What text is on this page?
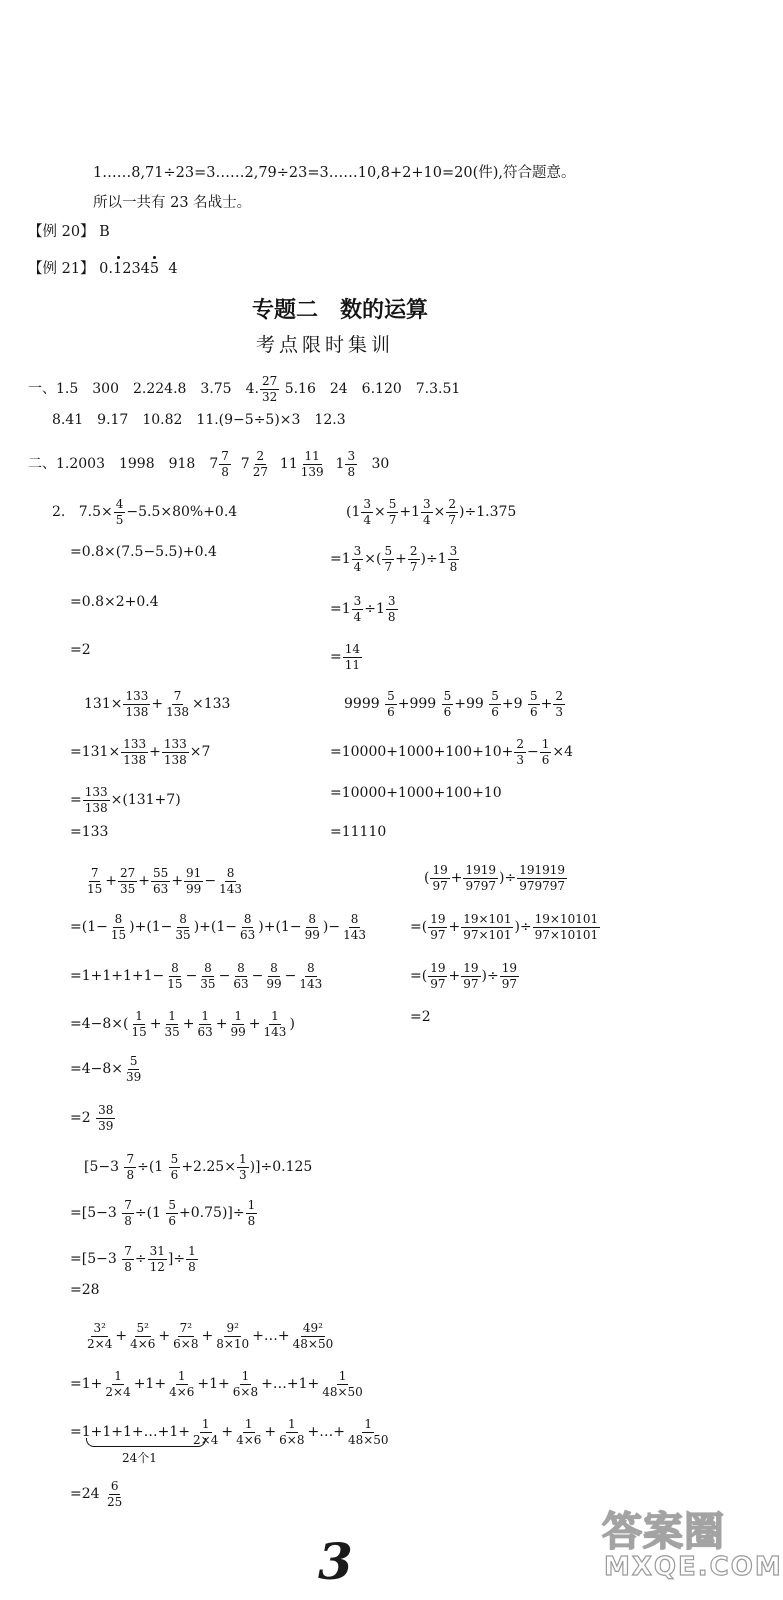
1……8,71÷23=3……2,79÷23=3……10,8+2+10=20(件),符合题意。
所以一共有 23 名战士。
【例 20】 B
【例 21】 0.12345 4
专题二　数的运算
考点限时集训
一、1.5　300　2.224.8　3.75　4. $\frac{27}{32} 5.16$　24　6.120　7.3.51
8.41　9.17　10.82　11.(9−5÷5)×3　12.3
二、1.2003　1998　918　$7 \frac{7}{8} 7 \frac{2}{27} 11 \frac{11}{139} 1 \frac{3}{8} 30$
2. $7.5\times \frac{4}{5} -5.5\times 80\%+0.4$
=0.8×(7.5−5.5)+0.4
=0.8×2+0.4
=2
$(1 \frac{3}{4} \times \frac{5}{7} +1 \frac{3}{4} \times \frac{2}{7} )\div 1.375$
$=1 \frac{3}{4}$ ×( $\frac{5}{7} + \frac{2}{7} )\div 1 \frac{3}{8}$
$=1 \frac{3}{4} \div 1 \frac{3}{8}$
= $\frac{14}{11}$
$131\times \frac{133}{138} + \frac{7}{138} \times 133$
$=131\times \frac{133}{138} + \frac{133}{138} \times 7$
= $\frac{133}{138} \times(131+7)$
=133
$9999 \frac{5}{6} +999 \frac{5}{6} +99 \frac{5}{6} +9 \frac{5}{6} + \frac{2}{3}$
$=10000+1000+100+10+ \frac{2}{3} - \frac{1}{6} \times 4$
=10000+1000+100+10
=11110
$\frac{7}{15} + \frac{27}{35} + \frac{55}{63} + \frac{91}{99} - \frac{8}{143}$
$=(1- \frac{8}{15} )+(1- \frac{8}{35} )+(1- \frac{8}{63} )+(1- \frac{8}{99}$ )− $\frac{8}{143}$
$=1+1+1+1- \frac{8}{15} - \frac{8}{35} - \frac{8}{63} - \frac{8}{99} - \frac{8}{143}$
$=4-8\times( \frac{1}{15} + \frac{1}{35} + \frac{1}{63} + \frac{1}{99} + \frac{1}{143}$ )
$=4-8\times \frac{5}{39}$
$=2 \frac{38}{39}$
( $\frac{19}{97} + \frac{1919}{9797}$ )÷ $\frac{191919}{979797}$
=( $\frac{19}{97} + \frac{19\times 101}{97\times 101}$ )÷ $\frac{19\times 10101}{97\times 10101}$
=( $\frac{19}{97} + \frac{19}{97}$ )÷ $\frac{19}{97}$
=2
$[5-3 \frac{7}{8} \div(1 \frac{5}{6} +2.25\times \frac{1}{3} )]\div 0.125$
$=[5-3 \frac{7}{8} \div(1 \frac{5}{6} +0.75)]\div \frac{1}{8}$
$=[5-3 \frac{7}{8} \div \frac{31}{12}$ ]÷ $\frac{1}{8}$
=28
$\frac{\text{3²}}{2\times 4} + \frac{\text{5²}}{4\times 6} + \frac{\text{7²}}{6\times 8} + \frac{\text{9²}}{8\times 10}$ +…+ $\frac{\text{49²}}{48\times 50}$
$=1+ \frac{1}{2\times 4} +1+ \frac{1}{4\times 6} +1+ \frac{1}{6\times 8}$ +…+1+ $\frac{1}{48\times 50}$
=1+1+1+…+1+ $\frac{1}{2\times 4} + \frac{1}{4\times 6} + \frac{1}{6\times 8}$ +…+ $\frac{1}{48\times 50}$
24个1
$=24 \frac{6}{25}$
3	答案圈
MXQE.COM
